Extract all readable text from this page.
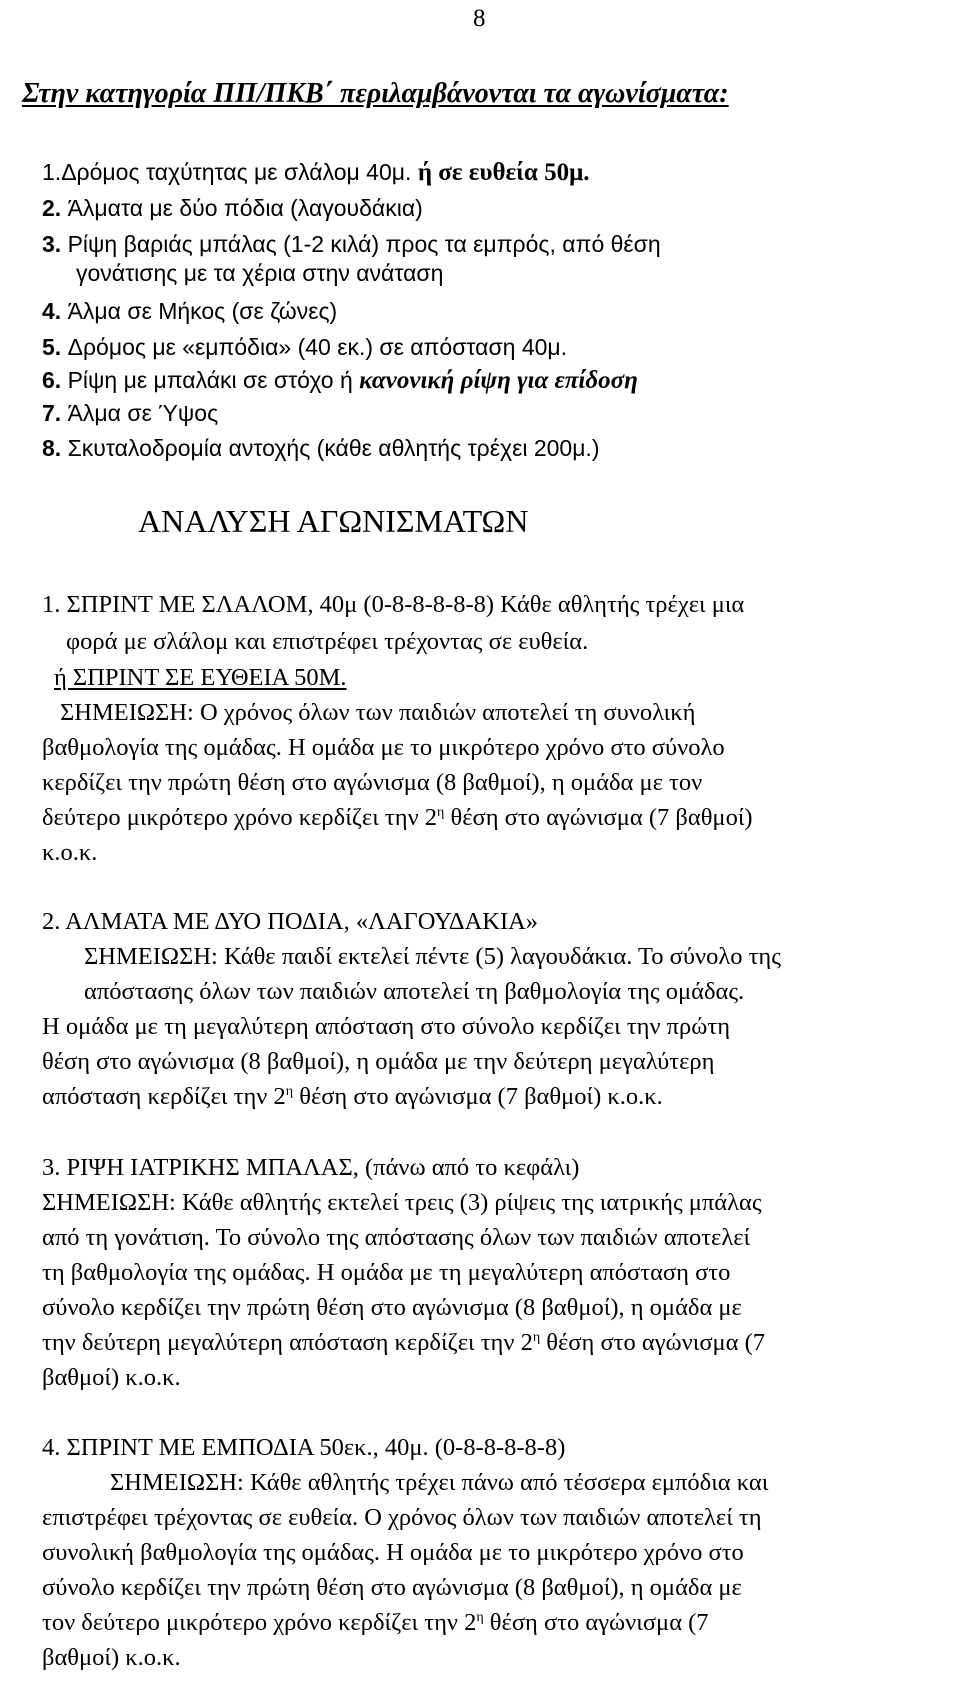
8
Στην κατηγορία ΠΠ/ΠΚΒ΄ περιλαμβάνονται τα αγωνίσματα:
1.Δρόμος ταχύτητας με σλάλομ 40μ. ή σε ευθεία 50μ.
2. Άλματα με δύο πόδια (λαγουδάκια)
3. Ρίψη βαριάς μπάλας (1-2 κιλά) προς τα εμπρός, από θέση
γονάτισης με τα χέρια στην ανάταση
4. Άλμα σε Μήκος (σε ζώνες)
5. Δρόμος με «εμπόδια» (40 εκ.) σε απόσταση 40μ.
6. Ρίψη με μπαλάκι σε στόχο ή κανονική ρίψη για επίδοση
7. Άλμα σε Ύψος
8. Σκυταλοδρομία αντοχής (κάθε αθλητής τρέχει 200μ.)
ΑΝΑΛΥΣΗ ΑΓΩΝΙΣΜΑΤΩΝ
1. ΣΠΡΙΝΤ ΜΕ ΣΛΑΛΟΜ, 40μ (0-8-8-8-8-8) Κάθε αθλητής τρέχει μια
φορά με σλάλομ και επιστρέφει τρέχοντας σε ευθεία.
ή ΣΠΡΙΝΤ ΣΕ ΕΥΘΕΙΑ 50Μ.
ΣΗΜΕΙΩΣΗ: Ο χρόνος όλων των παιδιών αποτελεί τη συνολική
βαθμολογία της ομάδας. Η ομάδα με το μικρότερο χρόνο στο σύνολο
κερδίζει την πρώτη θέση στο αγώνισμα (8 βαθμοί), η ομάδα με τον
δεύτερο μικρότερο χρόνο κερδίζει την $2^\eta$ θέση στο αγώνισμα (7 βαθμοί)
κ.ο.κ.
2. ΑΛΜΑΤΑ ΜΕ ΔΥΟ ΠΟΔΙΑ, «ΛΑΓΟΥΔΑΚΙΑ»
ΣΗΜΕΙΩΣΗ: Κάθε παιδί εκτελεί πέντε (5) λαγουδάκια. Το σύνολο της
απόστασης όλων των παιδιών αποτελεί τη βαθμολογία της ομάδας.
Η ομάδα με τη μεγαλύτερη απόσταση στο σύνολο κερδίζει την πρώτη
θέση στο αγώνισμα (8 βαθμοί), η ομάδα με την δεύτερη μεγαλύτερη
απόσταση κερδίζει την $2^\eta$ θέση στο αγώνισμα (7 βαθμοί) κ.ο.κ.
3. ΡΙΨΗ ΙΑΤΡΙΚΗΣ ΜΠΑΛΑΣ, (πάνω από το κεφάλι)
ΣΗΜΕΙΩΣΗ: Κάθε αθλητής εκτελεί τρεις (3) ρίψεις της ιατρικής μπάλας
από τη γονάτιση. Το σύνολο της απόστασης όλων των παιδιών αποτελεί
τη βαθμολογία της ομάδας. Η ομάδα με τη μεγαλύτερη απόσταση στο
σύνολο κερδίζει την πρώτη θέση στο αγώνισμα (8 βαθμοί), η ομάδα με
την δεύτερη μεγαλύτερη απόσταση κερδίζει την $2^\eta$ θέση στο αγώνισμα (7
βαθμοί) κ.ο.κ.
4. ΣΠΡΙΝΤ ΜΕ ΕΜΠΟΔΙΑ 50εκ., 40μ. (0-8-8-8-8-8)
ΣΗΜΕΙΩΣΗ: Κάθε αθλητής τρέχει πάνω από τέσσερα εμπόδια και
επιστρέφει τρέχοντας σε ευθεία. Ο χρόνος όλων των παιδιών αποτελεί τη
συνολική βαθμολογία της ομάδας. Η ομάδα με το μικρότερο χρόνο στο
σύνολο κερδίζει την πρώτη θέση στο αγώνισμα (8 βαθμοί), η ομάδα με
τον δεύτερο μικρότερο χρόνο κερδίζει την $2^\eta$ θέση στο αγώνισμα (7
βαθμοί) κ.ο.κ.
